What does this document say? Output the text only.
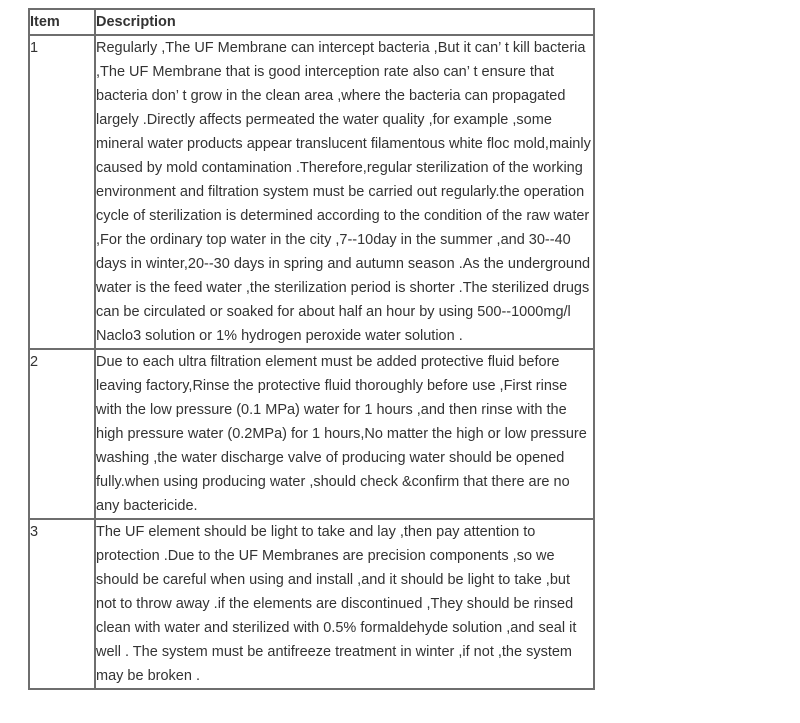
Item	Description
1	Regularly ,The UF Membrane can intercept bacteria ,But it can’ t kill bacteria ,The UF Membrane that is good interception rate also can’ t ensure that bacteria don’ t grow in the clean area ,where the bacteria can propagated largely .Directly affects permeated the water quality ,for example ,some mineral water products appear translucent filamentous white floc mold,mainly caused by mold contamination .Therefore,regular sterilization of the working environment and filtration system must be carried out regularly.the operation cycle of sterilization is determined according to the condition of the raw water ,For the ordinary top water in the city ,7--10day in the summer ,and 30--40 days in winter,20--30 days in spring and autumn season .As the underground water is the feed water ,the sterilization period is shorter .The sterilized drugs can be circulated or soaked for about half an hour by using 500--1000mg/l Naclo3 solution or 1% hydrogen peroxide water solution .

2	Due to each ultra filtration element must be added protective fluid before leaving factory,Rinse the protective fluid thoroughly before use ,First rinse with the low pressure (0.1 MPa) water for 1 hours ,and then rinse with the high pressure water (0.2MPa) for 1 hours,No matter the high or low pressure washing ,the water discharge valve of producing water should be opened fully.when using producing water ,should check &confirm that there are no any bactericide.

3	The UF element should be light to take and lay ,then pay attention to protection .Due to the UF Membranes are precision components ,so we should be careful when using and install ,and it should be light to take ,but not to throw away .if the elements are discontinued ,They should be rinsed clean with water and sterilized with 0.5% formaldehyde solution ,and seal it well . The system must be antifreeze treatment in winter ,if not ,the system may be broken .
